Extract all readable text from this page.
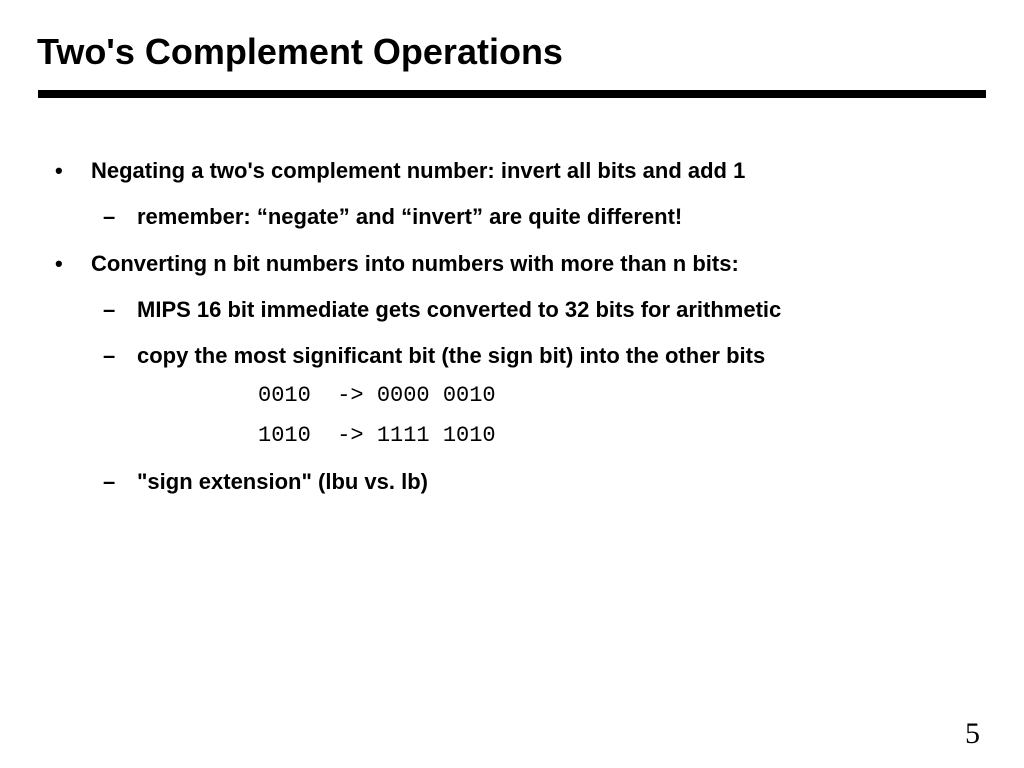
Two's Complement Operations
• Negating a two's complement number: invert all bits and add 1
– remember: “negate” and “invert” are quite different!
• Converting n bit numbers into numbers with more than n bits:
– MIPS 16 bit immediate gets converted to 32 bits for arithmetic
– copy the most significant bit (the sign bit) into the other bits
0010  -> 0000 0010
1010  -> 1111 1010
– "sign extension" (lbu vs. lb)
5
